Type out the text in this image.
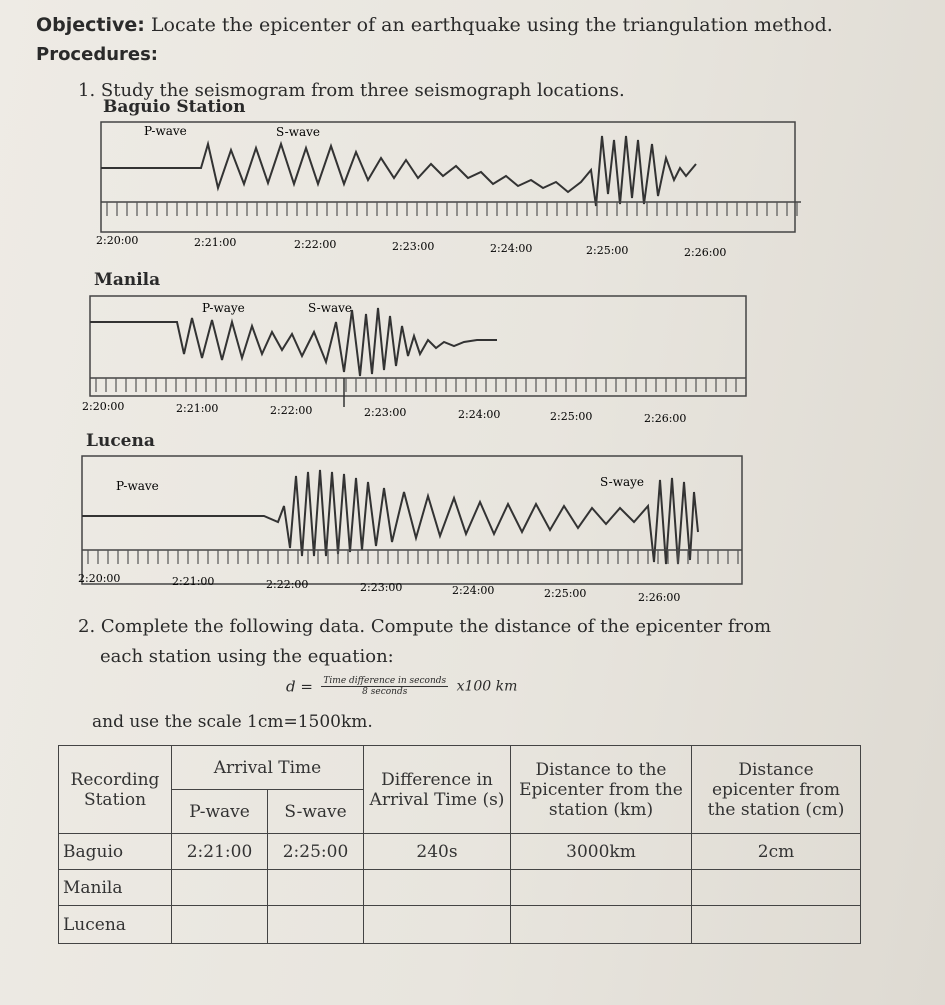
Objective: Locate the epicenter of an earthquake using the triangulation method.
Procedures:
1. Study the seismogram from three seismograph locations.
Baguio Station
2:20:00	2:21:00	2:22:00	2:23:00	2:24:00	2:25:00	2:26:00
P-wave	S-wave
Manila
2:20:00	2:21:00	2:22:00	2:23:00	2:24:00	2:25:00	2:26:00
P-waye	S-wave
Lucena
2:20:00	2:21:00	2:22:00	2:23:00	2:24:00	2:25:00	2:26:00
P-wave	S-waye
2. Complete the following data. Compute the distance of the epicenter from
each station using the equation:
d = Time difference in seconds
8 seconds	x100 km
and use the scale 1cm=1500km.
Recording Station	Arrival Time		Difference in Arrival Time (s)	Distance to the Epicenter from the station (km)	Distance epicenter from the station (cm)
	P-wave	S-wave			
Baguio	2:21:00	2:25:00	240s	3000km	2cm
Manila					
Lucena					
